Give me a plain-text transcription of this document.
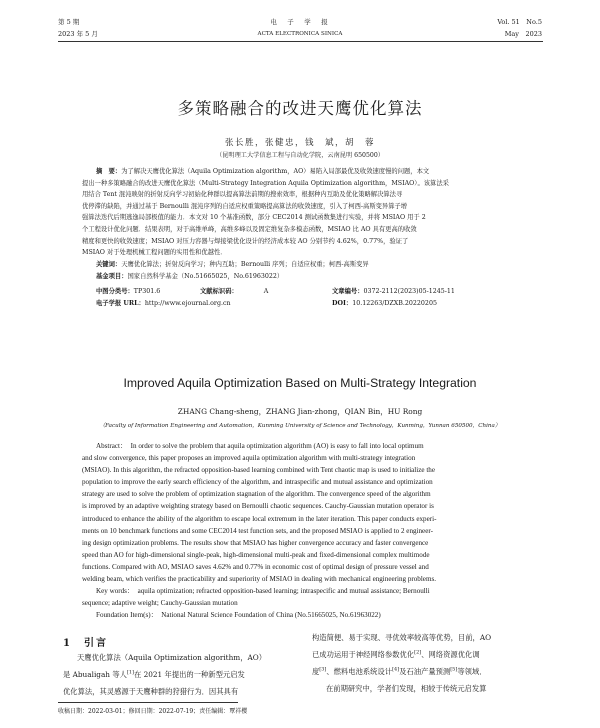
第 5 期
2023 年 5 月
电　子　学　报
ACTA ELECTRONICA SINICA
Vol. 51　No.5
May　2023
多策略融合的改进天鹰优化算法
张长胜，张健忠，钱　斌，胡　蓉
（昆明理工大学信息工程与自动化学院，云南昆明 650500）

摘　要：为了解决天鹰优化算法（Aquila Optimization algorithm，AO）易陷入局部最优及收敛速度慢的问题，本文

提出一种多策略融合的改进天鹰优化算法（Multi-Strategy Integration Aquila Optimization algorithm，MSIAO）。该算法采

用结合 Tent 混沌映射的折射反向学习初始化种群以提高算法前期的搜索效率，根据种内互助及优化策略解决算法寻

优停滞的缺陷，并通过基于 Bernoulli 混沌序列的自适应权重策略提高算法的收敛速度，引入了柯西-高斯变异算子增

强算法迭代后期逃逸局部极值的能力．本文对 10 个基准函数，部分 CEC2014 测试函数集进行实验，并将 MSIAO 用于 2

个工程设计优化问题．结果表明，对于高维单峰，高维多峰以及固定维复杂多模态函数，MSIAO 比 AO 具有更高的收敛

精度和更快的收敛速度；MSIAO 对压力容器与焊接梁优化设计的经济成本较 AO 分别节约 4.62%，0.77%，验证了

MSIAO 对于处理机械工程问题的实用性和优越性．

关键词：天鹰优化算法；折射反向学习；种内互助；Bernoulli 序列；自适应权重；柯西-高斯变异
基金项目：国家自然科学基金（No.51665025，No.61963022）
中图分类号：TP301.6	文献标识码：	A	文章编号：0372-2112(2023)05-1245-11
电子学报 URL：http://www.ejournal.org.cn	DOI：10.12263/DZXB.20220205
Improved Aquila Optimization Based on Multi-Strategy Integration
ZHANG Chang-sheng，ZHANG Jian-zhong，QIAN Bin，HU Rong
（Faculty of Information Engineering and Automation，Kunming University of Science and Technology，Kunming，Yunnan 650500，China）

Abstract：　 In order to solve the problem that aquila optimization algorithm (AO) is easy to fall into local optimum

and slow convergence, this paper proposes an improved aquila optimization algorithm with multi-strategy integration

(MSIAO). In this algorithm, the refracted opposition-based learning combined with Tent chaotic map is used to initialize the

population to improve the early search efficiency of the algorithm, and intraspecific and mutual assistance and optimization

strategy are used to solve the problem of optimization stagnation of the algorithm. The convergence speed of the algorithm

is improved by an adaptive weighting strategy based on Bernoulli chaotic sequences. Cauchy-Gaussian mutation operator is

introduced to enhance the ability of the algorithm to escape local extremum in the later iteration. This paper conducts experi-

ments on 10 benchmark functions and some CEC2014 test function sets, and the proposed MSIAO is applied to 2 engineer-

ing design optimization problems. The results show that MSIAO has higher convergence accuracy and faster convergence

speed than AO for high-dimensional single-peak, high-dimensional multi-peak and fixed-dimensional complex multimode

functions. Compared with AO, MSIAO saves 4.62% and 0.77% in economic cost of optimal design of pressure vessel and

welding beam, which verifies the practicability and superiority of MSIAO in dealing with mechanical engineering problems.

Key words：　 aquila optimization; refracted opposition-based learning; intraspecific and mutual assistance; Bernoulli

sequence; adaptive weight; Cauchy-Gaussian mutation

Foundation Item(s)：　 National Natural Science Foundation of China (No.51665025, No.61963022)

1　引言

天鹰优化算法（Aquila Optimization algorithm，AO）

是 Abualigah 等人[1]在 2021 年提出的一种新型元启发

优化算法，其灵感源于天鹰种群的狩猎行为．因其具有

构造简便、易于实现、寻优效率较高等优势，目前，AO

已成功运用于神经网络参数优化[2]、网络资源优化调

度[3]、燃料电池系统设计[4]及石油产量预测[5]等领域．

在前期研究中，学者们发现，相较于传统元启发算

收稿日期：2022-03-01；修回日期：2022-07-19；责任编辑：覃祥樱
